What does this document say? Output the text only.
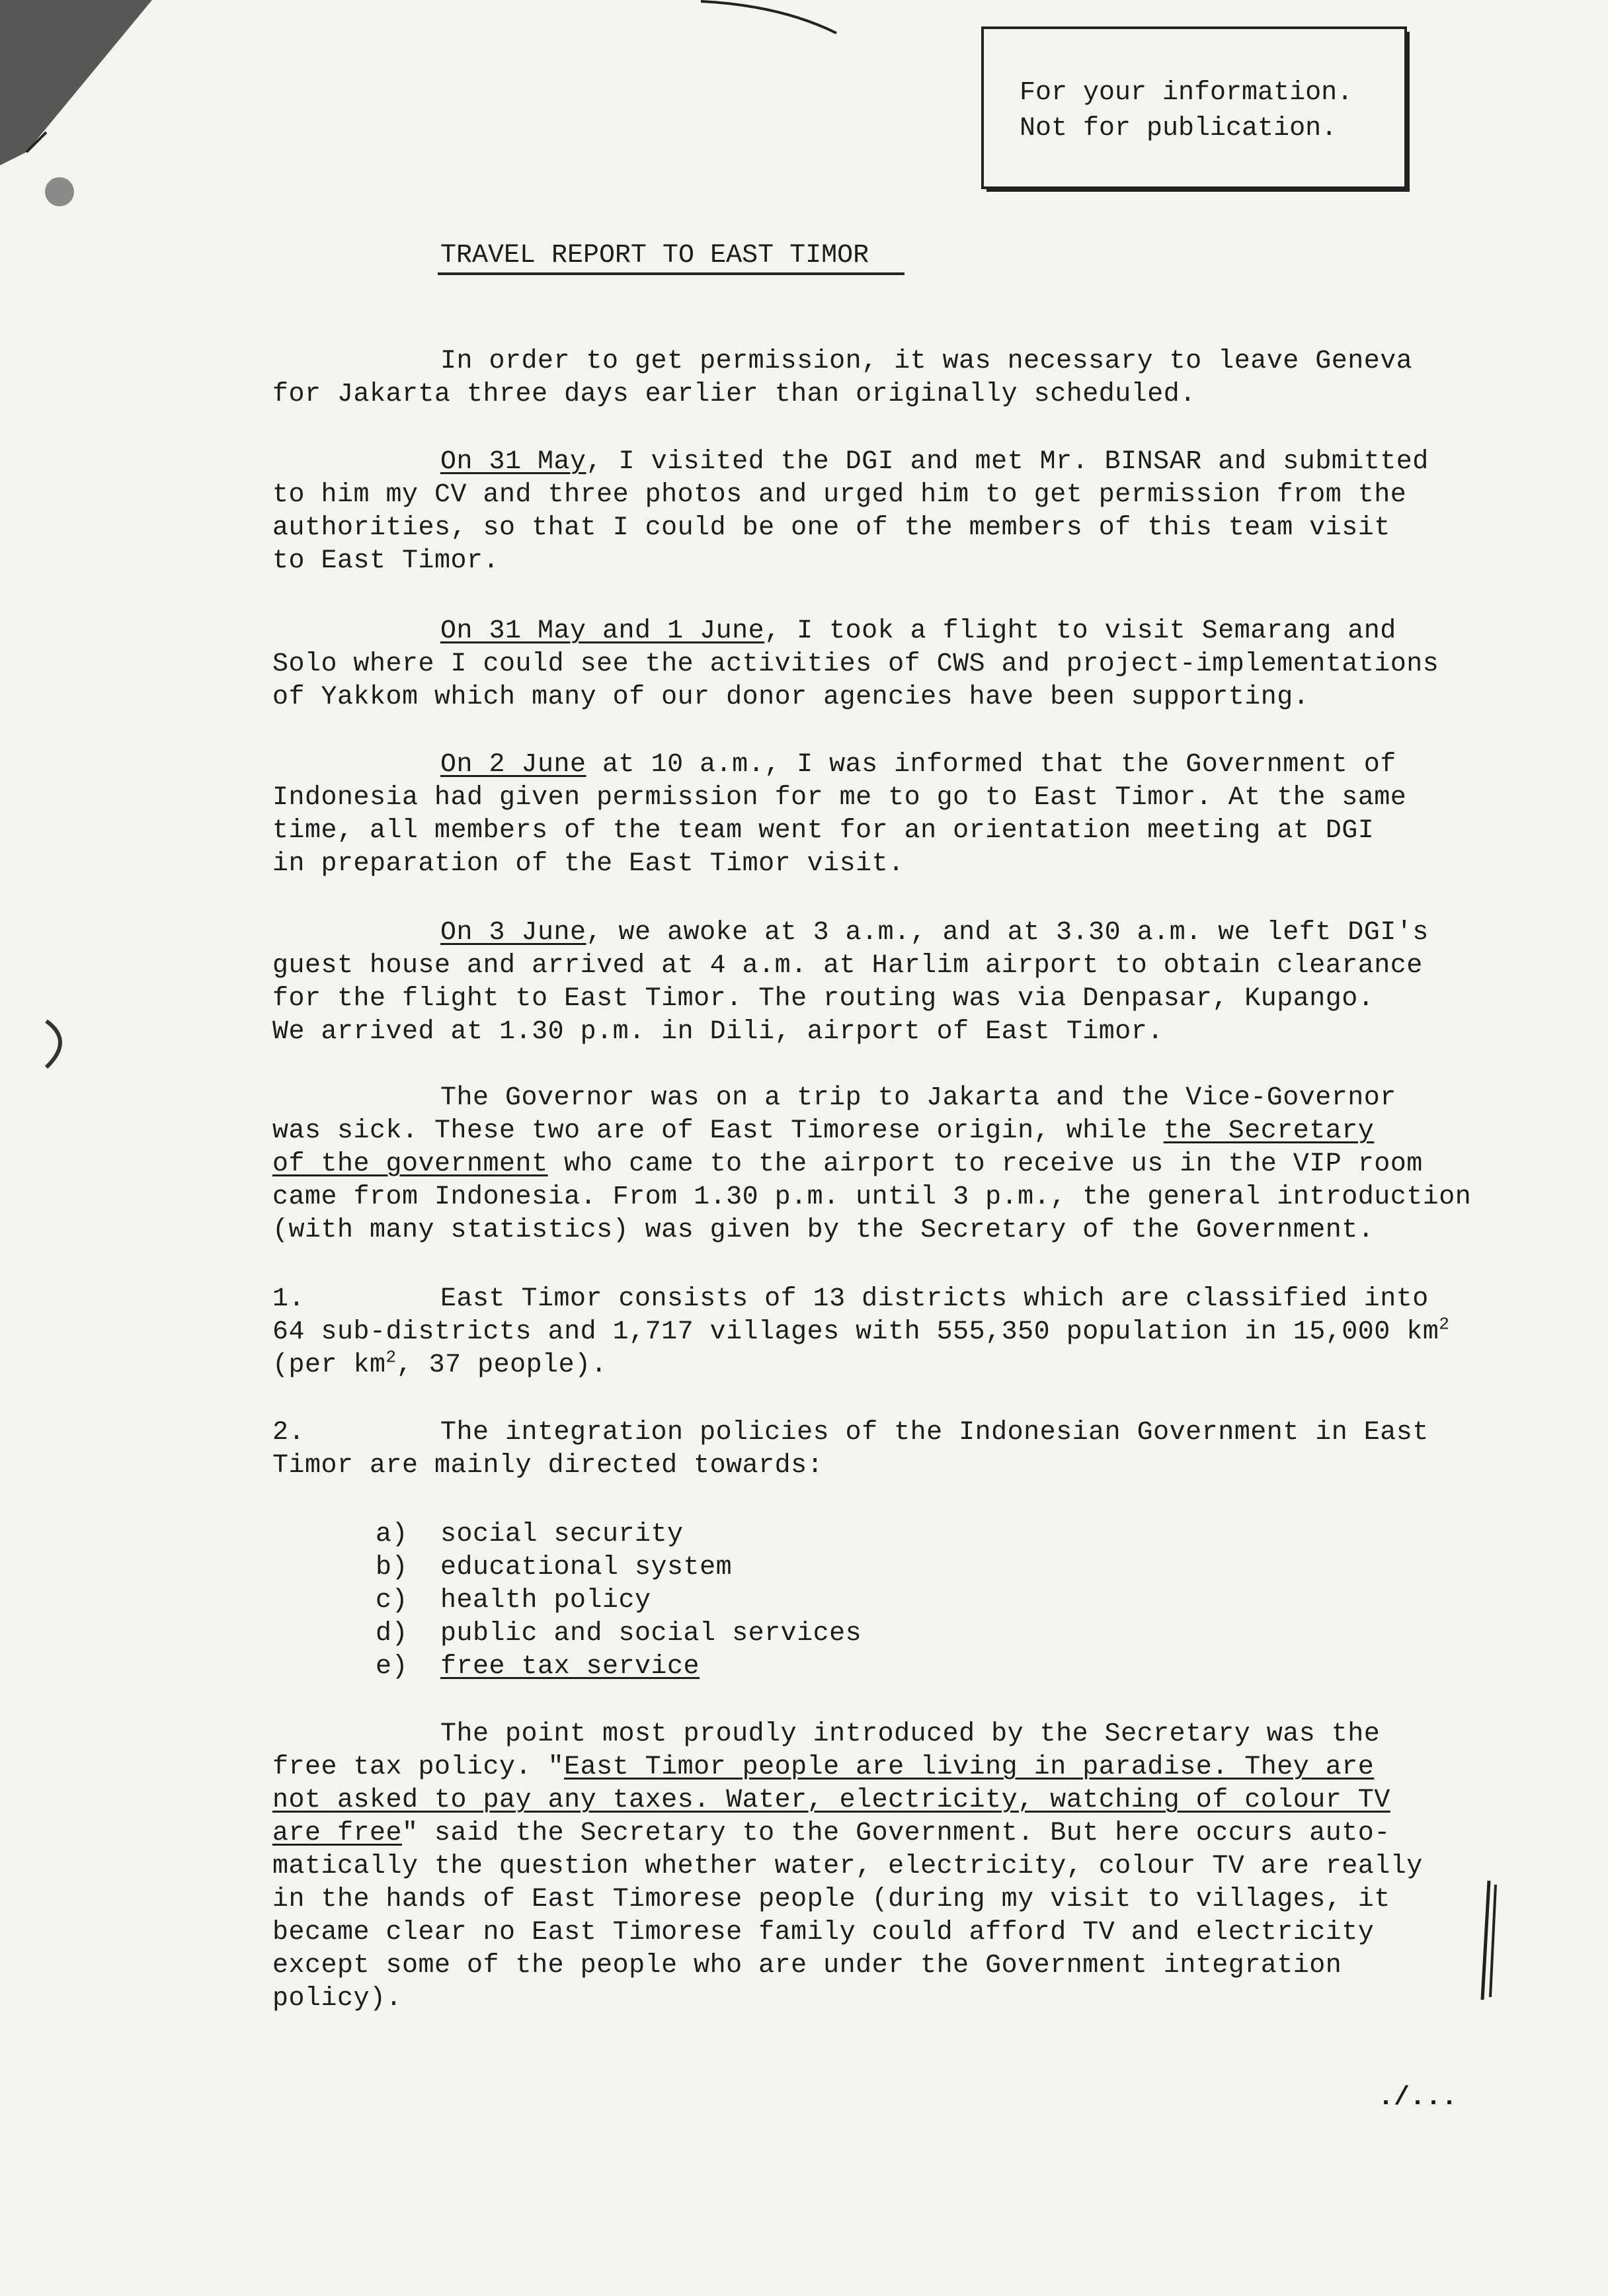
For your information.
Not for publication.
TRAVEL REPORT TO EAST TIMOR
In order to get permission, it was necessary to leave Geneva
for Jakarta three days earlier than originally scheduled.
On 31 May, I visited the DGI and met Mr. BINSAR and submitted
to him my CV and three photos and urged him to get permission from the
authorities, so that I could be one of the members of this team visit
to East Timor.
On 31 May and 1 June, I took a flight to visit Semarang and
Solo where I could see the activities of CWS and project-implementations
of Yakkom which many of our donor agencies have been supporting.
On 2 June at 10 a.m., I was informed that the Government of
Indonesia had given permission for me to go to East Timor. At the same
time, all members of the team went for an orientation meeting at DGI
in preparation of the East Timor visit.
On 3 June, we awoke at 3 a.m., and at 3.30 a.m. we left DGI's
guest house and arrived at 4 a.m. at Harlim airport to obtain clearance
for the flight to East Timor. The routing was via Denpasar, Kupango.
We arrived at 1.30 p.m. in Dili, airport of East Timor.
The Governor was on a trip to Jakarta and the Vice-Governor
was sick. These two are of East Timorese origin, while the Secretary
of the government who came to the airport to receive us in the VIP room
came from Indonesia. From 1.30 p.m. until 3 p.m., the general introduction
(with many statistics) was given by the Secretary of the Government.
1.	East Timor consists of 13 districts which are classified into
64 sub-districts and 1,717 villages with 555,350 population in 15,000 $km^2$
(per $km^2$, 37 people).
2.	The integration policies of the Indonesian Government in East
Timor are mainly directed towards:
a) social security
b) educational system
c) health policy
d) public and social services
e) free tax service
The point most proudly introduced by the Secretary was the
free tax policy. "East Timor people are living in paradise. They are
not asked to pay any taxes. Water, electricity, watching of colour TV
are free" said the Secretary to the Government. But here occurs auto-
matically the question whether water, electricity, colour TV are really
in the hands of East Timorese people (during my visit to villages, it
became clear no East Timorese family could afford TV and electricity
except some of the people who are under the Government integration
policy).
./...
